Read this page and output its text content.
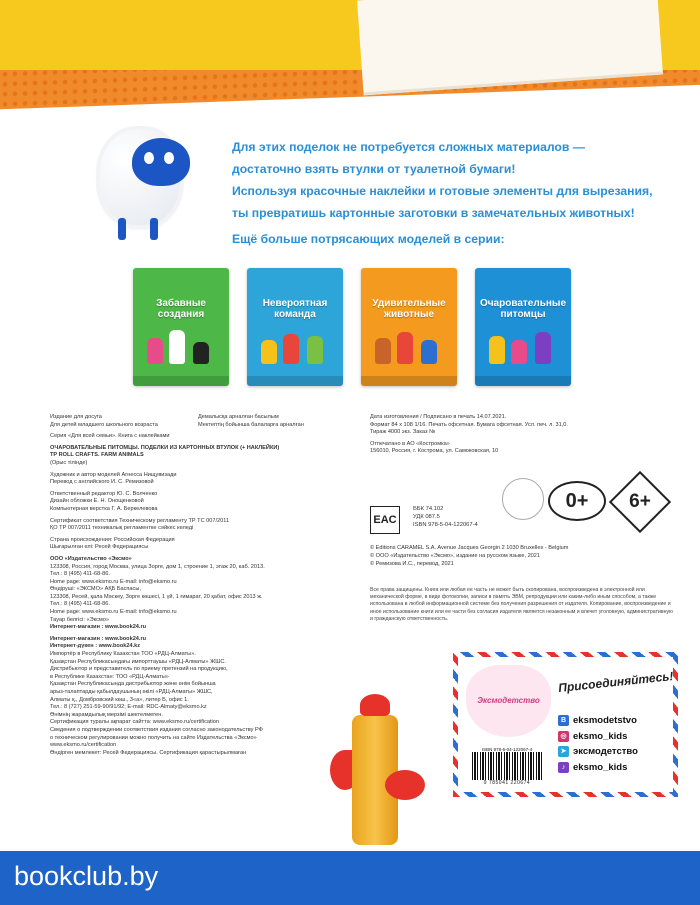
Для этих поделок не потребуется сложных материалов —

достаточно взять втулки от туалетной бумаги!

Используя красочные наклейки и готовые элементы для вырезания,

ты превратишь картонные заготовки в замечательных животных!

Ещё больше потрясающих моделей в серии:

Забавные создания
Невероятная команда
Удивительные животные
Очаровательные питомцы
Издание для досуга
Для детей младшего школьного возраста
Серия «Для всей семьи». Книга с наклейками
ОЧАРОВАТЕЛЬНЫЕ ПИТОМЦЫ. ПОДЕЛКИ ИЗ КАРТОННЫХ ВТУЛОК (+ НАКЛЕЙКИ)
TP ROLL CRAFTS. FARM ANIMALS
(Орыс тілінде)
Художник и автор моделей Агнесса Нищувизади
Перевод с английского И. С. Ремизовой
Ответственный редактор Ю. С. Волченко
Дизайн обложки Е. Н. Онощенковой
Компьютерная верстка Г. А. Беркелевова
Сертификат соответствия Техническому регламенту ТР ТС 007/2011
ҚО ТР 007/2011 техникалық регламентке сәйкес келеді
Страна происхождения: Российская Федерация
Шығарылған елі: Ресей Федерациясы
ООО «Издательство «Эксмо»
123308, Россия, город Москва, улица Зорге, дом 1, строение 1, этаж 20, каб. 2013.
Тел.: 8 (495) 411-68-86.
Home page: www.eksmo.ru E-mail: info@eksmo.ru
Өндіруші: «ЭКСМО» АҚБ Баспасы,
123308, Ресей, қала Мәскеу, Зорге көшесі, 1 үй, 1 ғимарат, 20 қабат, офис 2013 ж.
Тел.: 8 (495) 411-68-86.
Home page: www.eksmo.ru E-mail: info@eksmo.ru
Тауар белгісі: «Эксмо»
Интернет-магазин : www.book24.ru
Интернет-магазин : www.book24.ru
Интернет-дүкен : www.book24.kz
Импортёр в Республику Казахстан ТОО «РДЦ-Алматы».
Қазақстан Республикасындағы импорттаушы «РДЦ-Алматы» ЖШС.
Дистрибьютор и представитель по приему претензий на продукцию,
в Республике Казахстан: ТОО «РДЦ-Алматы»
Қазақстан Республикасында дистрибьютор және өнім бойынша
арыз-талаптарды қабылдаушының өкілі «РДЦ-Алматы» ЖШС,
Алматы қ., Домбровский көш., 3«а», литер Б, офис 1.
Тел.: 8 (727) 251-59-90/91/92; E-mail: RDC-Almaty@eksmo.kz
Өнімнің жарамдылық мерзімі шектелмеген.
Сертификация туралы ақпарат сайтта: www.eksmo.ru/certification
Сведения о подтверждении соответствия издания согласно законодательству РФ
о техническом регулировании можно получить на сайте Издательства «Эксмо»
www.eksmo.ru/certification
Өндірген мемлекет: Ресей Федерациясы. Сертификация қарастырылмаған
Демалысқа арналған басылым
Мектептің бойынша балаларға арналған
Дата изготовления / Подписано в печать 14.07.2021.
Формат 84 x 108 1/16. Печать офсетная. Бумага офсетная. Усл. печ. л. 31,0.
Тираж 4000 экз. Заказ №
Отпечатано в АО «Костромка»
156010, Россия, г. Кострома, ул. Самоковская, 10
EAC
ББК 74.102
УДК 087.5
ISBN 978-5-04-122067-4
0+	6+
© Editions CARAMEL S.A. Avenue Jacques Georgin 2 1030 Bruxelles - Belgium
© ООО «Издательство «Эксмо», издание на русском языке, 2021
© Ремизова И.С., перевод, 2021
Все права защищены. Книга или любая ее часть не может быть скопирована, воспроизведена в электронной или механической форме, в виде фотокопии, записи в память ЭВМ, репродукции или каким-либо иным способом, а также использована в любой информационной системе без получения разрешения от издателя. Копирование, воспроизведение и иное использование книги или ее части без согласия издателя является незаконным и влечет уголовную, административную и гражданскую ответственность.
Эксмодетство
Присоединяйтесь!
В eksmodetstvo
◎ eksmo_kids
➤ эксмодетство
♪ eksmo_kids
ISBN 978-5-04-122067-4
9 785041 220674
bookclub.by
